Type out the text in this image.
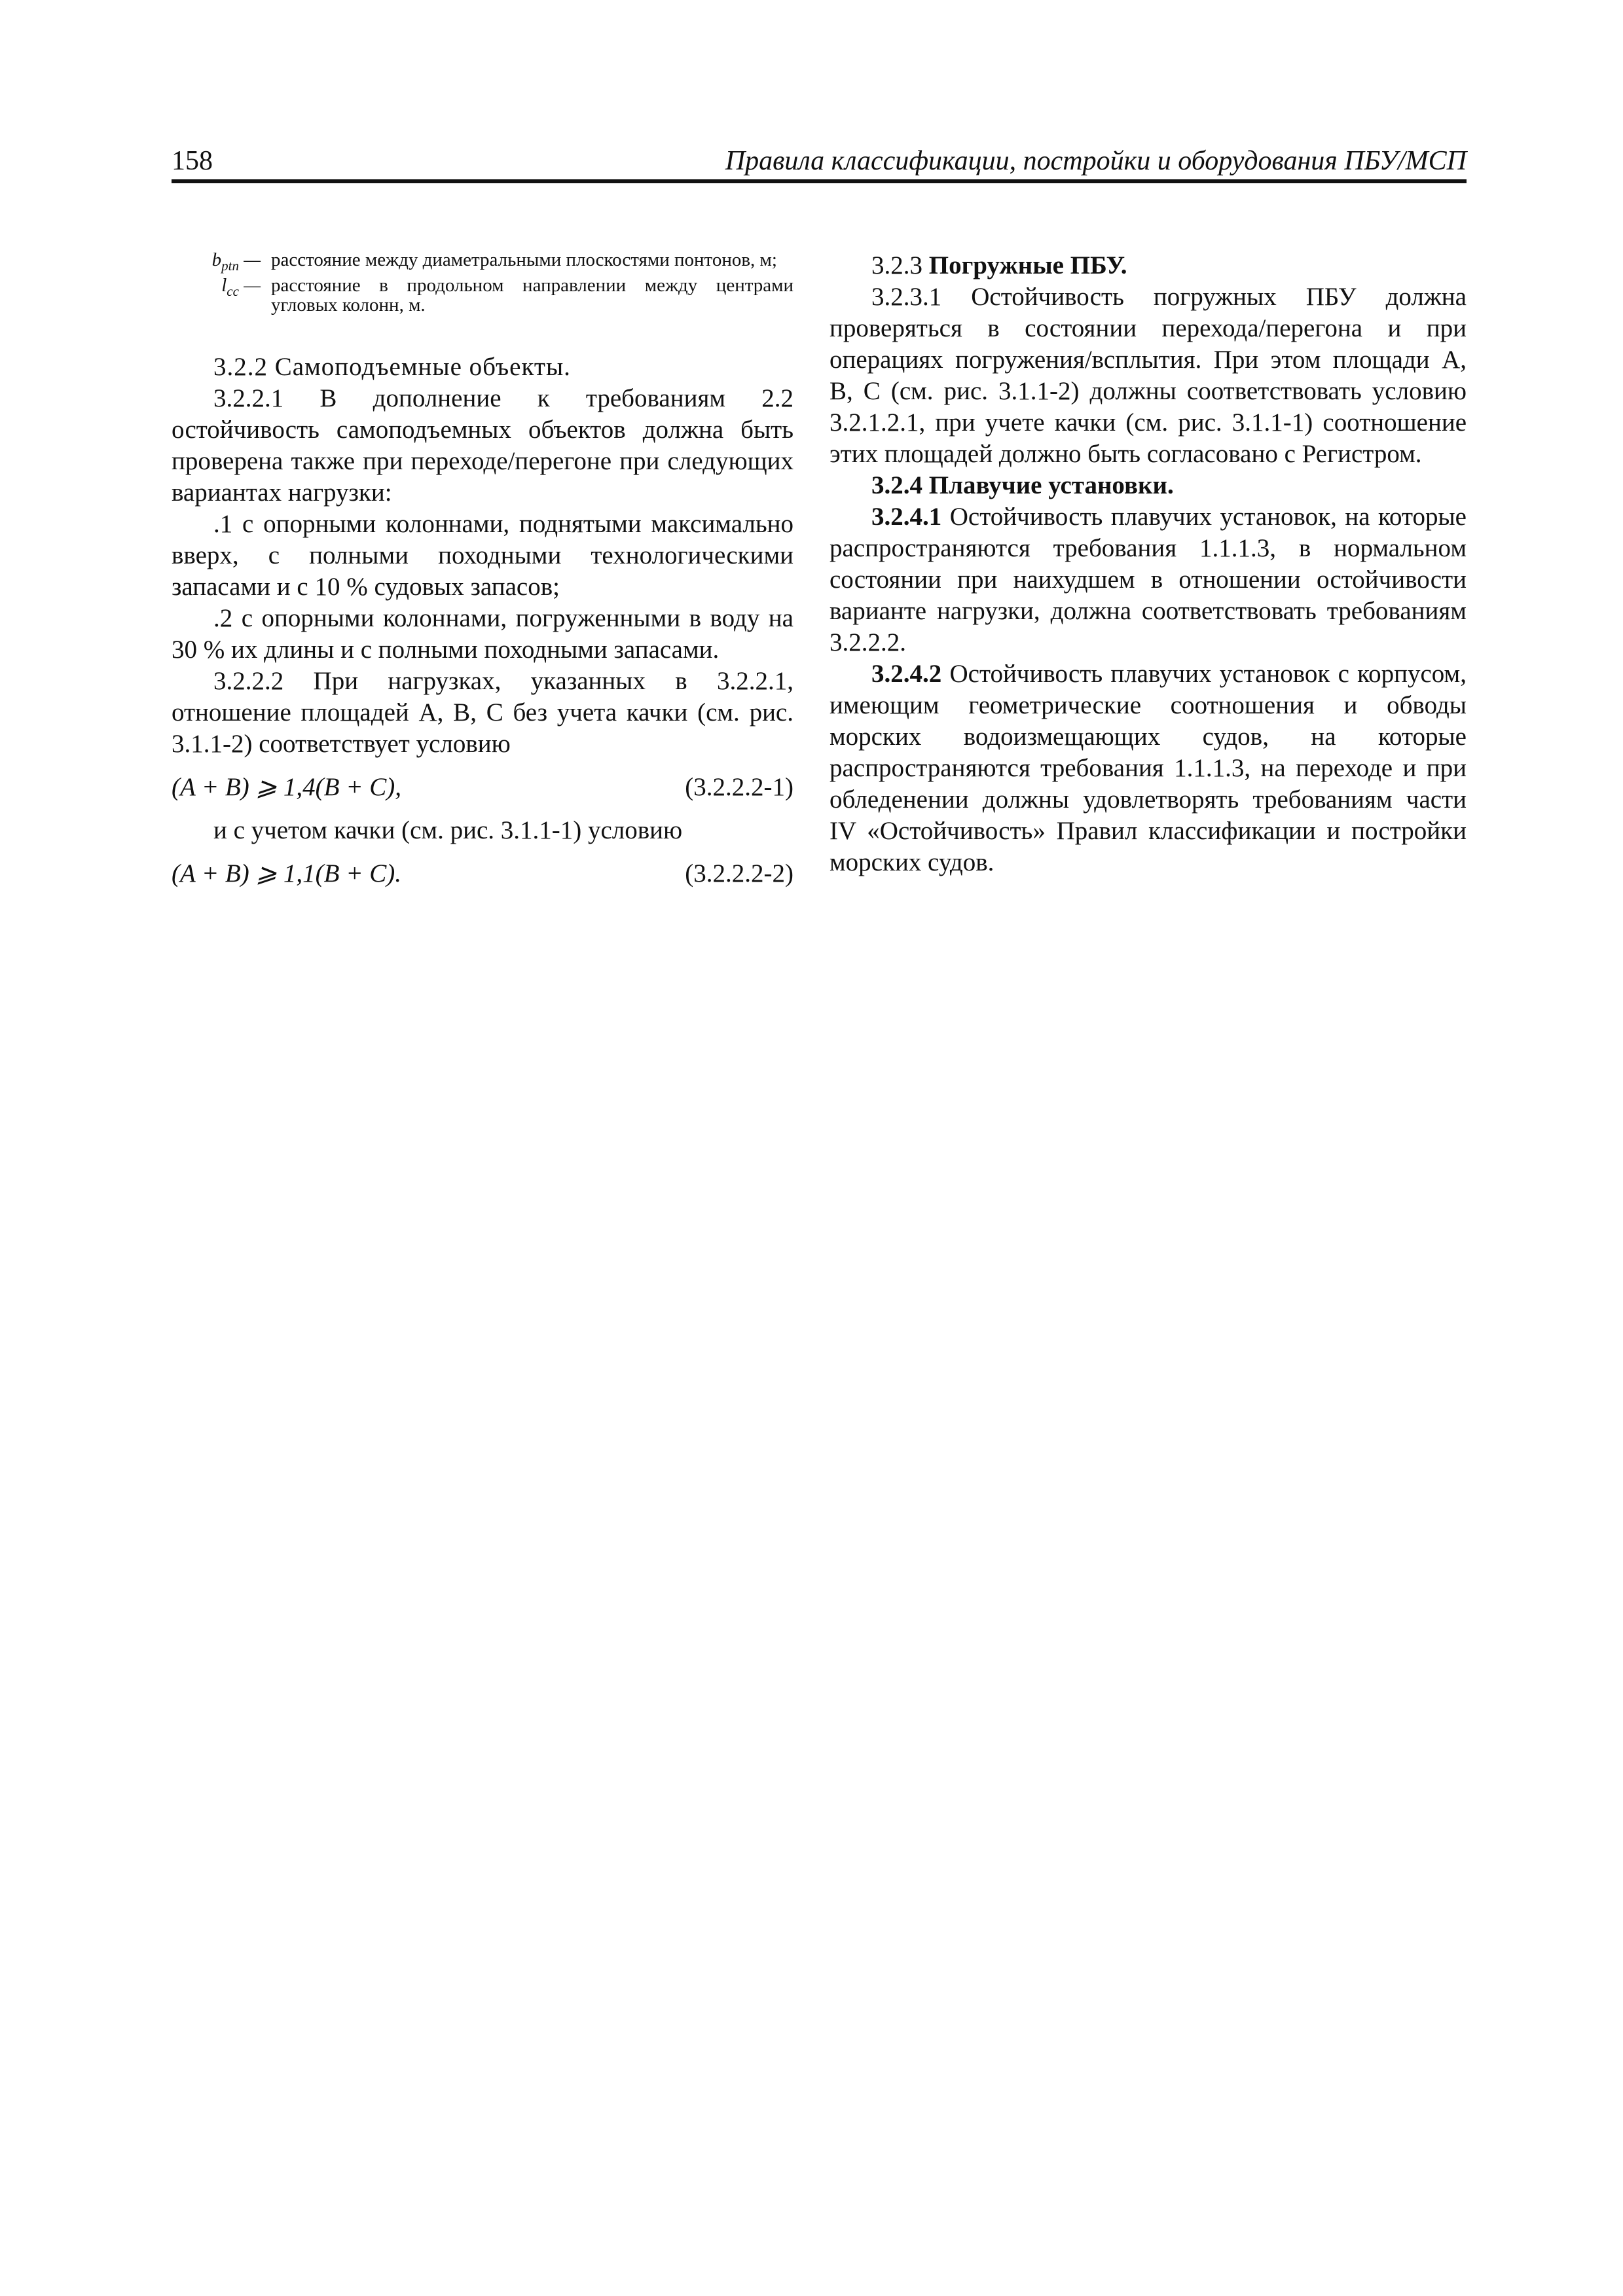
158	Правила классификации, постройки и оборудования ПБУ/МСП
$b_{ptn}$ — расстояние между диаметральными плоскостями понтонов, м;
$l_{cc}$ — расстояние в продольном направлении между центрами угловых колонн, м.

3.2.2 Самоподъемные объекты.

3.2.2.1 В дополнение к требованиям 2.2 остойчивость самоподъемных объектов должна быть проверена также при переходе/перегоне при следующих вариантах нагрузки:

.1 с опорными колоннами, поднятыми максимально вверх, с полными походными технологическими запасами и с 10 % судовых запасов;

.2 с опорными колоннами, погруженными в воду на 30 % их длины и с полными походными запасами.

3.2.2.2 При нагрузках, указанных в 3.2.2.1, отношение площадей А, В, С без учета качки (см. рис. 3.1.1-2) соответствует условию

(A + B) ⩾ 1,4(B + C),	(3.2.2.2-1)

и с учетом качки (см. рис. 3.1.1-1) условию

(A + B) ⩾ 1,1(B + C).	(3.2.2.2-2)

3.2.3 Погружные ПБУ.

3.2.3.1 Остойчивость погружных ПБУ должна проверяться в состоянии перехода/перегона и при операциях погружения/всплытия. При этом площади А, В, С (см. рис. 3.1.1-2) должны соответствовать условию 3.2.1.2.1, при учете качки (см. рис. 3.1.1-1) соотношение этих площадей должно быть согласовано с Регистром.

3.2.4 Плавучие установки.

3.2.4.1 Остойчивость плавучих установок, на которые распространяются требования 1.1.1.3, в нормальном состоянии при наихудшем в отношении остойчивости варианте нагрузки, должна соответствовать требованиям 3.2.2.2.

3.2.4.2 Остойчивость плавучих установок с корпусом, имеющим геометрические соотношения и обводы морских водоизмещающих судов, на которые распространяются требования 1.1.1.3, на переходе и при обледенении должны удовлетворять требованиям части IV «Остойчивость» Правил классификации и постройки морских судов.
